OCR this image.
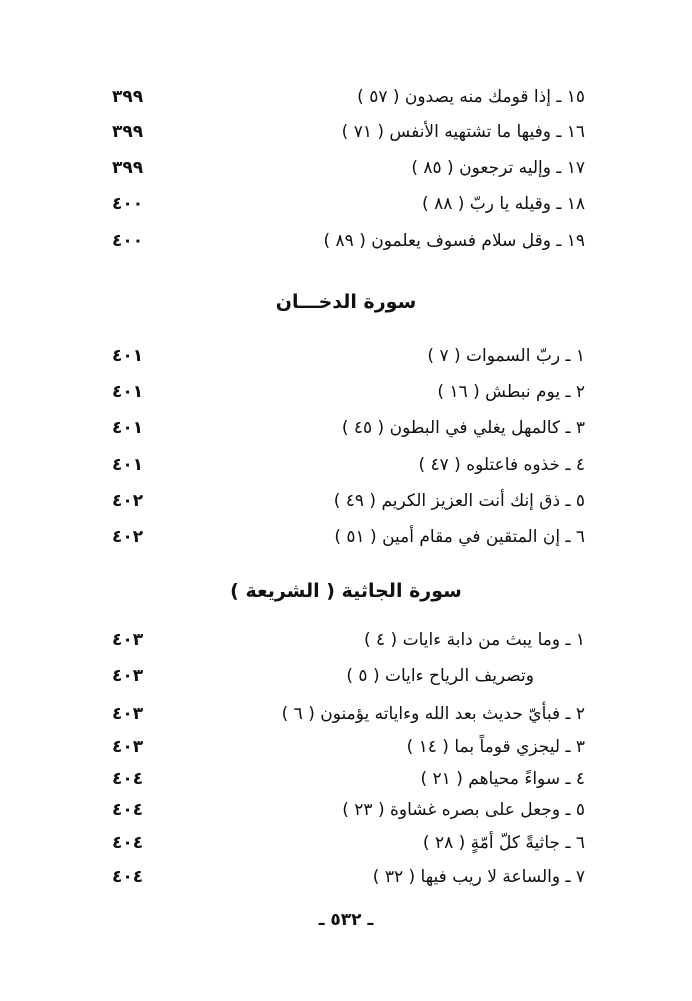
١٥ ـ إذا قومك منه يصدون ( ٥٧ )
٣٩٩
١٦ ـ وفيها ما تشتهيه الأنفس ( ٧١ )
٣٩٩
١٧ ـ وإليه ترجعون ( ٨٥ )
٣٩٩
١٨ ـ وقيله يا ربّ ( ٨٨ )
٤٠٠
١٩ ـ وقل سلام فسوف يعلمون ( ٨٩ )
٤٠٠
سورة الدخـــان
١ ـ ربّ السموات ( ٧ )
٤٠١
٢ ـ يوم نبطش ( ١٦ )
٤٠١
٣ ـ كالمهل يغلي في البطون ( ٤٥ )
٤٠١
٤ ـ خذوه فاعتلوه ( ٤٧ )
٤٠١
٥ ـ ذق إنك أنت العزيز الكريم ( ٤٩ )
٤٠٢
٦ ـ إن المتقين في مقام أمين ( ٥١ )
٤٠٢
سورة الجاثية ( الشريعة )
١ ـ وما يبث من دابة ءايات ( ٤ )
٤٠٣
وتصريف الرياح ءايات ( ٥ )
٤٠٣
٢ ـ فبأيّ حديث بعد الله وءاياته يؤمنون ( ٦ )
٤٠٣
٣ ـ ليجزي قوماً بما ( ١٤ )
٤٠٣
٤ ـ سواءً محياهم ( ٢١ )
٤٠٤
٥ ـ وجعل على بصره غشاوة ( ٢٣ )
٤٠٤
٦ ـ جاثيةً كلّ أمّةٍ ( ٢٨ )
٤٠٤
٧ ـ والساعة لا ريب فيها ( ٣٢ )
٤٠٤
ـ ٥٣٢ ـ
